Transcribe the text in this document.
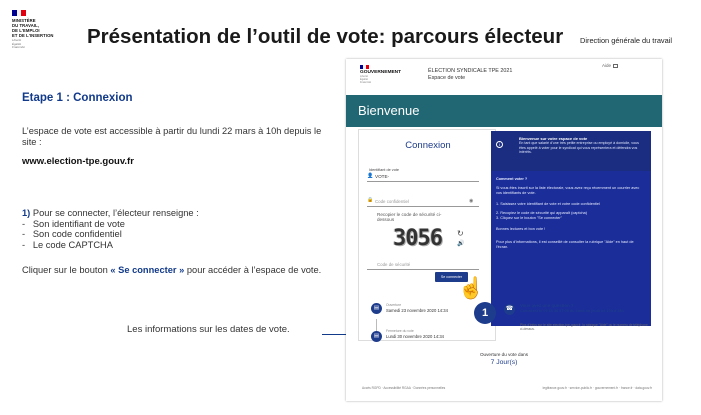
MINISTÈRE
DU TRAVAIL,
DE L'EMPLOI
ET DE L'INSERTION
Liberté
Égalité
Fraternité	Présentation de l’outil de vote: parcours électeur Direction générale du travail
Etape 1 : Connexion
L’espace de vote est accessible à partir du lundi 22 mars à 10h depuis le site :
www.election-tpe.gouv.fr
1) Pour se connecter, l’électeur renseigne :
-   Son identifiant de vote
-   Son code confidentiel
-   Le code CAPTCHA
Cliquer sur le bouton « Se connecter » pour accéder à l’espace de vote.
Les informations sur les dates de vote.
GOUVERNEMENT
Liberté
Égalité
Fraternité
ÉLECTION SYNDICALE TPE 2021
Espace de vote
Aide
Bienvenue
Connexion
Identifiant de vote
👤 VOTE-
🔒 Code confidentiel	◉
Recopier le code de sécurité ci-dessous
3056 ↻
🔊
Code de sécurité
i
Bienvenue sur votre espace de vote
En tant que salarié d’une très petite entreprise ou employé à domicile, vous êtes appelé à voter pour le syndicat qui vous représentera et défendra vos intérêts.
Comment voter ?
Si vous êtes inscrit sur la liste électorale, vous avez reçu récemment un courrier avec vos identifiants de vote.
1. Saisissez votre identifiant de vote et votre code confidentiel
2. Recopiez le code de sécurité qui apparaît (captcha)
3. Cliquez sur le bouton "Se connecter"
Bonnes lectures et bon vote !
Pour plus d’informations, il est conseillé de consulter la rubrique "Aide" en haut de l’écran.
Se connecter
☝
1
▤	Ouverture
Samedi 23 novembre 2020 14:34
▤
Fermeture du vote
Lundi 30 novembre 2020 14:34
☎
Vous avez une question ?
Contactez le 09 69 36 97 05 du lundi au jeudi de 10h à 18h
Plus d’infos sur le site election-tpe.gouv.fr, la rubrique "Aide" ou le numéro de téléphone ci-dessus.
Ouverture du vote dans
7 Jour(s)
Accès RGPD · Accessibilité RGAA · Données personnelles	legifrance.gouv.fr · service-public.fr · gouvernement.fr · france.fr · data.gouv.fr
